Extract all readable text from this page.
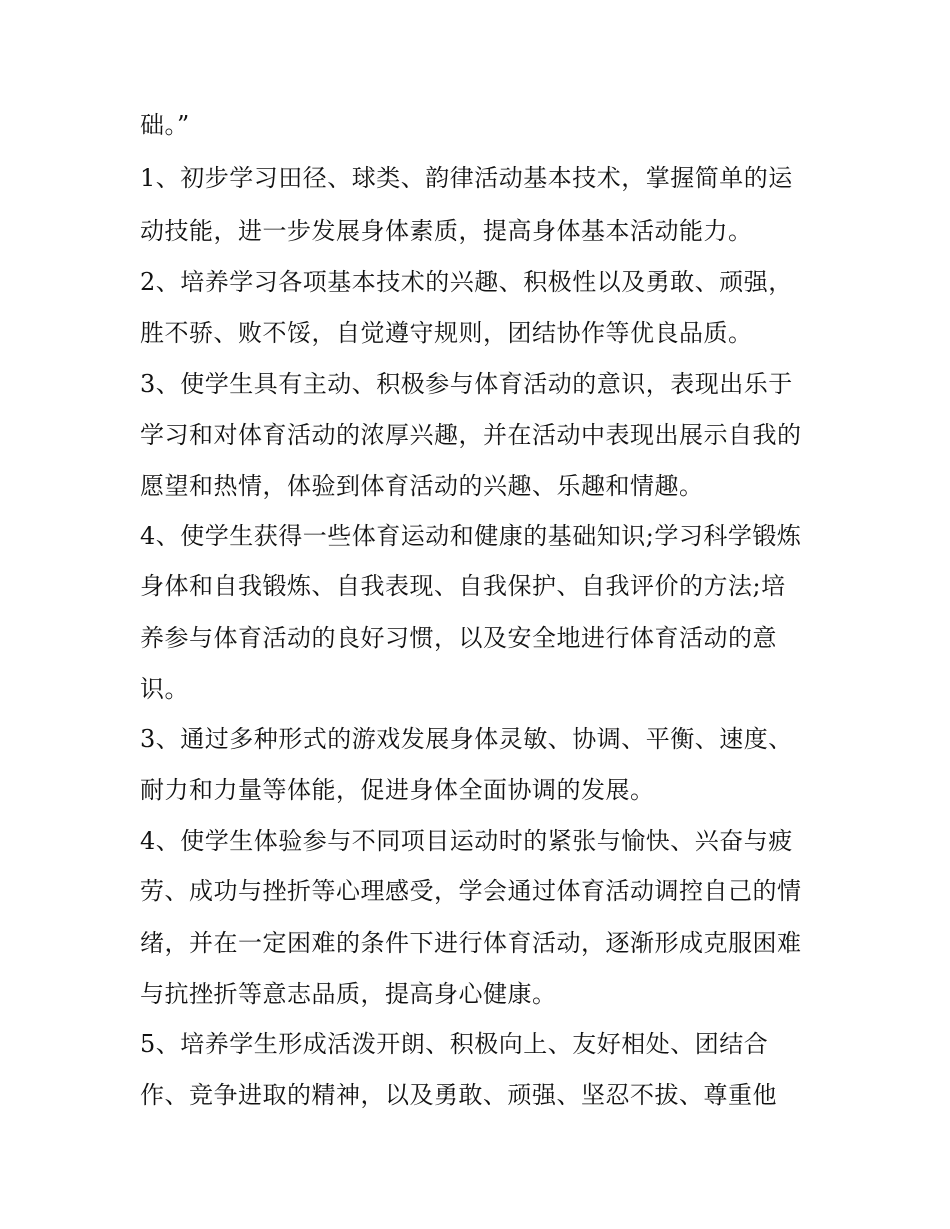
础。”
1、初步学习田径、球类、韵律活动基本技术，掌握简单的运
动技能，进一步发展身体素质，提高身体基本活动能力。
2、培养学习各项基本技术的兴趣、积极性以及勇敢、顽强，
胜不骄、败不馁，自觉遵守规则，团结协作等优良品质。
3、使学生具有主动、积极参与体育活动的意识，表现出乐于
学习和对体育活动的浓厚兴趣，并在活动中表现出展示自我的
愿望和热情，体验到体育活动的兴趣、乐趣和情趣。
4、使学生获得一些体育运动和健康的基础知识;学习科学锻炼
身体和自我锻炼、自我表现、自我保护、自我评价的方法;培
养参与体育活动的良好习惯，以及安全地进行体育活动的意
识。
3、通过多种形式的游戏发展身体灵敏、协调、平衡、速度、
耐力和力量等体能，促进身体全面协调的发展。
4、使学生体验参与不同项目运动时的紧张与愉快、兴奋与疲
劳、成功与挫折等心理感受，学会通过体育活动调控自己的情
绪，并在一定困难的条件下进行体育活动，逐渐形成克服困难
与抗挫折等意志品质，提高身心健康。
5、培养学生形成活泼开朗、积极向上、友好相处、团结合
作、竞争进取的精神，以及勇敢、顽强、坚忍不拔、尊重他
